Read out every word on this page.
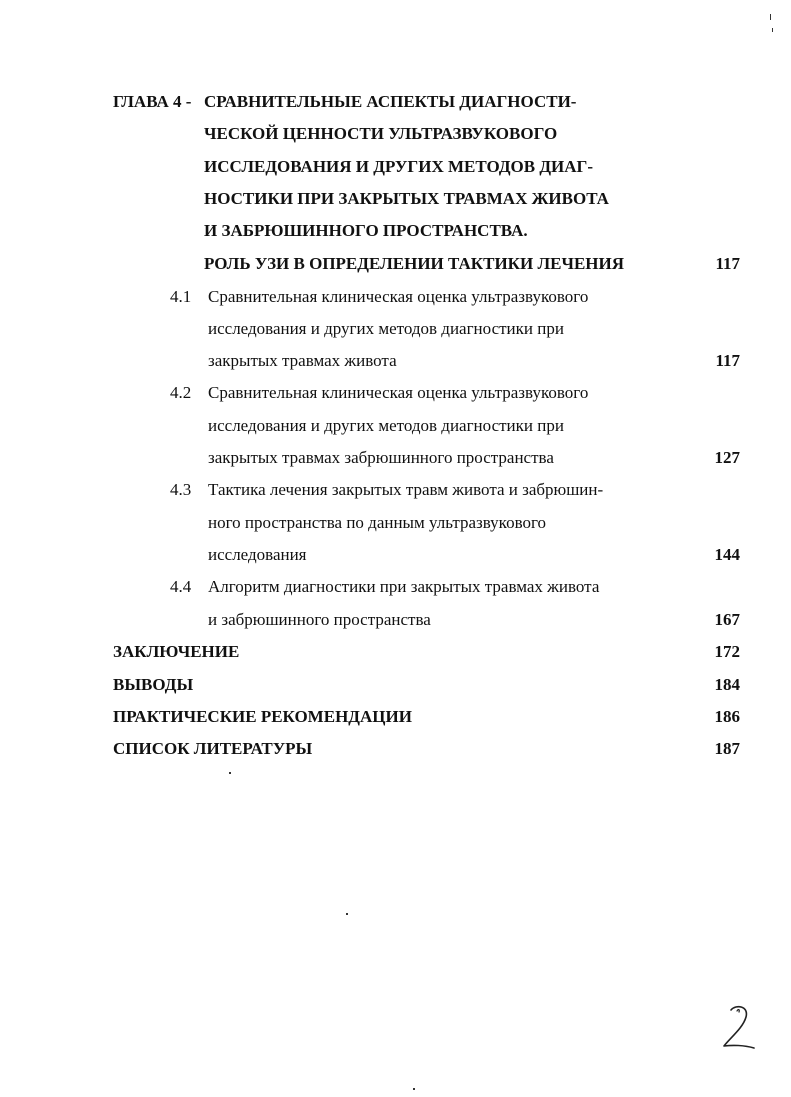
ГЛАВА 4 - СРАВНИТЕЛЬНЫЕ АСПЕКТЫ ДИАГНОСТИ-
ЧЕСКОЙ ЦЕННОСТИ УЛЬТРАЗВУКОВОГО
ИССЛЕДОВАНИЯ И ДРУГИХ МЕТОДОВ ДИАГ-
НОСТИКИ ПРИ ЗАКРЫТЫХ ТРАВМАХ ЖИВОТА
И ЗАБРЮШИННОГО ПРОСТРАНСТВА.
РОЛЬ УЗИ В ОПРЕДЕЛЕНИИ ТАКТИКИ ЛЕЧЕНИЯ	117
4.1 Сравнительная клиническая оценка ультразвукового
исследования и других методов диагностики при
закрытых травмах живота	117
4.2 Сравнительная клиническая оценка ультразвукового
исследования и других методов диагностики при
закрытых травмах забрюшинного пространства	127
4.3 Тактика лечения закрытых травм живота и забрюшин-
ного пространства по данным ультразвукового
исследования	144
4.4 Алгоритм диагностики при закрытых травмах живота
и забрюшинного пространства	167
ЗАКЛЮЧЕНИЕ	172
ВЫВОДЫ	184
ПРАКТИЧЕСКИЕ РЕКОМЕНДАЦИИ	186
СПИСОК ЛИТЕРАТУРЫ	187
